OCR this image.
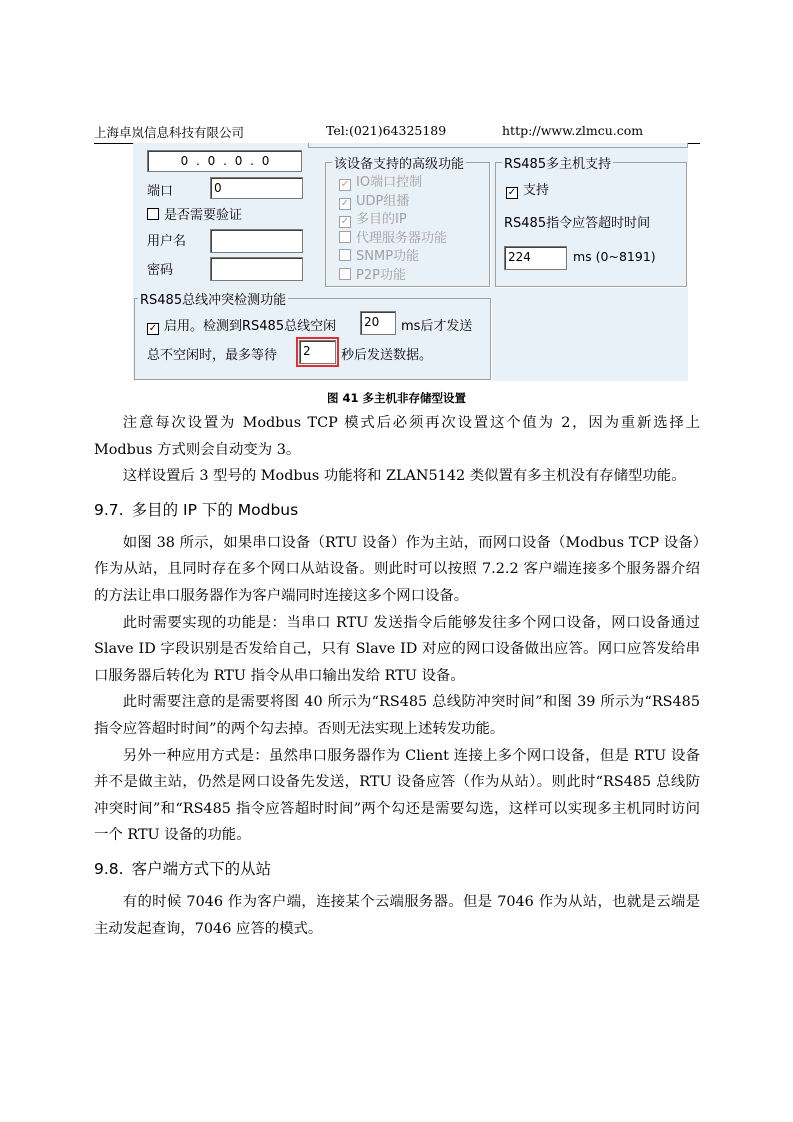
上海卓岚信息科技有限公司	Tel:(021)64325189	http://www.zlmcu.com
0 . 0 . 0 . 0
端口	0
是否需要验证
用户名
密码
该设备支持的高级功能
✓ IO端口控制
✓ UDP组播
✓ 多目的IP
代理服务器功能
SNMP功能
P2P功能
RS485多主机支持
✓ 支持
RS485指令应答超时时间
224	ms (0~8191)
RS485总线冲突检测功能
✓ 启用。检测到RS485总线空闲	20	ms后才发送
总不空闲时，最多等待	2	秒后发送数据。
图 41 多主机非存储型设置

注意每次设置为 Modbus TCP 模式后必须再次设置这个值为 2，因为重新选择上 Modbus 方式则会自动变为 3。

这样设置后 3 型号的 Modbus 功能将和 ZLAN5142 类似置有多主机没有存储型功能。

9.7. 多目的 IP 下的 Modbus

如图 38 所示，如果串口设备（RTU 设备）作为主站，而网口设备（Modbus TCP 设备）作为从站，且同时存在多个网口从站设备。则此时可以按照 7.2.2 客户端连接多个服务器介绍的方法让串口服务器作为客户端同时连接这多个网口设备。

此时需要实现的功能是：当串口 RTU 发送指令后能够发往多个网口设备，网口设备通过 Slave ID 字段识别是否发给自己，只有 Slave ID 对应的网口设备做出应答。网口应答发给串口服务器后转化为 RTU 指令从串口输出发给 RTU 设备。

此时需要注意的是需要将图 40 所示为“RS485 总线防冲突时间”和图 39 所示为“RS485 指令应答超时时间”的两个勾去掉。否则无法实现上述转发功能。

另外一种应用方式是：虽然串口服务器作为 Client 连接上多个网口设备，但是 RTU 设备并不是做主站，仍然是网口设备先发送，RTU 设备应答（作为从站）。则此时“RS485 总线防冲突时间”和“RS485 指令应答超时时间”两个勾还是需要勾选，这样可以实现多主机同时访问一个 RTU 设备的功能。

9.8. 客户端方式下的从站

有的时候 7046 作为客户端，连接某个云端服务器。但是 7046 作为从站，也就是云端是主动发起查询，7046 应答的模式。
